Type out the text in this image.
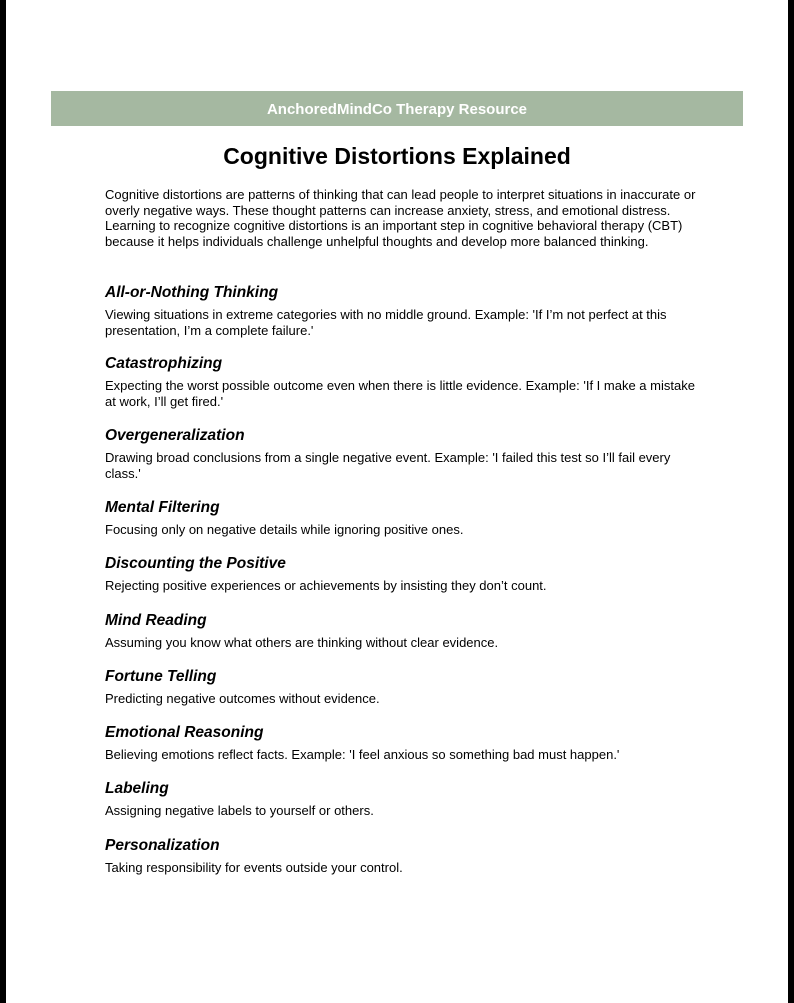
AnchoredMindCo Therapy Resource
Cognitive Distortions Explained

Cognitive distortions are patterns of thinking that can lead people to interpret situations in inaccurate or overly negative ways. These thought patterns can increase anxiety, stress, and emotional distress. Learning to recognize cognitive distortions is an important step in cognitive behavioral therapy (CBT) because it helps individuals challenge unhelpful thoughts and develop more balanced thinking.

All-or-Nothing Thinking

Viewing situations in extreme categories with no middle ground. Example: 'If I’m not perfect at this presentation, I’m a complete failure.'

Catastrophizing

Expecting the worst possible outcome even when there is little evidence. Example: 'If I make a mistake at work, I’ll get fired.'

Overgeneralization

Drawing broad conclusions from a single negative event. Example: 'I failed this test so I’ll fail every class.'

Mental Filtering

Focusing only on negative details while ignoring positive ones.

Discounting the Positive

Rejecting positive experiences or achievements by insisting they don’t count.

Mind Reading

Assuming you know what others are thinking without clear evidence.

Fortune Telling

Predicting negative outcomes without evidence.

Emotional Reasoning

Believing emotions reflect facts. Example: 'I feel anxious so something bad must happen.'

Labeling

Assigning negative labels to yourself or others.

Personalization

Taking responsibility for events outside your control.
